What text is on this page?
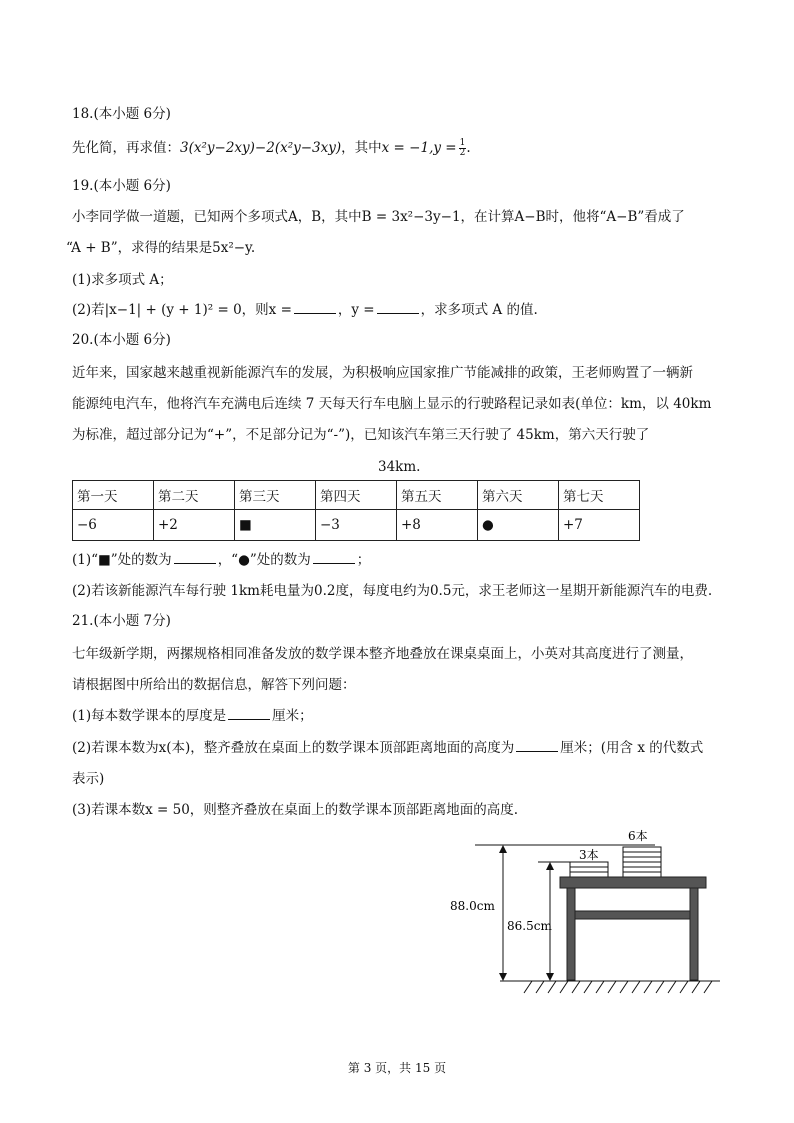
18.(本小题 6分)
先化简，再求值：3(x²y−2xy)−2(x²y−3xy)，其中$x = -1,y = \frac{1}{2}$ .
19.(本小题 6分)
小李同学做一道题，已知两个多项式A，B，其中B = 3x²−3y−1，在计算A−B时，他将“A−B”看成了
“A + B”，求得的结果是5x²−y.
(1)求多项式 A；
(2)若|x−1| + (y + 1)² = 0，则x =	，y =	，求多项式 A 的值.
20.(本小题 6分)
近年来，国家越来越重视新能源汽车的发展，为积极响应国家推广节能减排的政策，王老师购置了一辆新
能源纯电汽车，他将汽车充满电后连续 7 天每天行车电脑上显示的行驶路程记录如表(单位：km，以 40km
为标准，超过部分记为“+”，不足部分记为“-”)，已知该汽车第三天行驶了 45km，第六天行驶了
34km.
第一天	第二天	第三天	第四天	第五天	第六天	第七天
−6	+2	■	−3	+8	●	+7
(1)“■”处的数为	，“●”处的数为	；
(2)若该新能源汽车每行驶 1km耗电量为0.2度，每度电约为0.5元，求王老师这一星期开新能源汽车的电费.
21.(本小题 7分)
七年级新学期，两摞规格相同准备发放的数学课本整齐地叠放在课桌桌面上，小英对其高度进行了测量，
请根据图中所给出的数据信息，解答下列问题：
(1)每本数学课本的厚度是	厘米；
(2)若课本数为x(本)，整齐叠放在桌面上的数学课本顶部距离地面的高度为	厘米；(用含 x 的代数式
表示)
(3)若课本数x = 50，则整齐叠放在桌面上的数学课本顶部距离地面的高度.
88.0cm
86.5cm
3本
6本
第 3 页，共 15 页
